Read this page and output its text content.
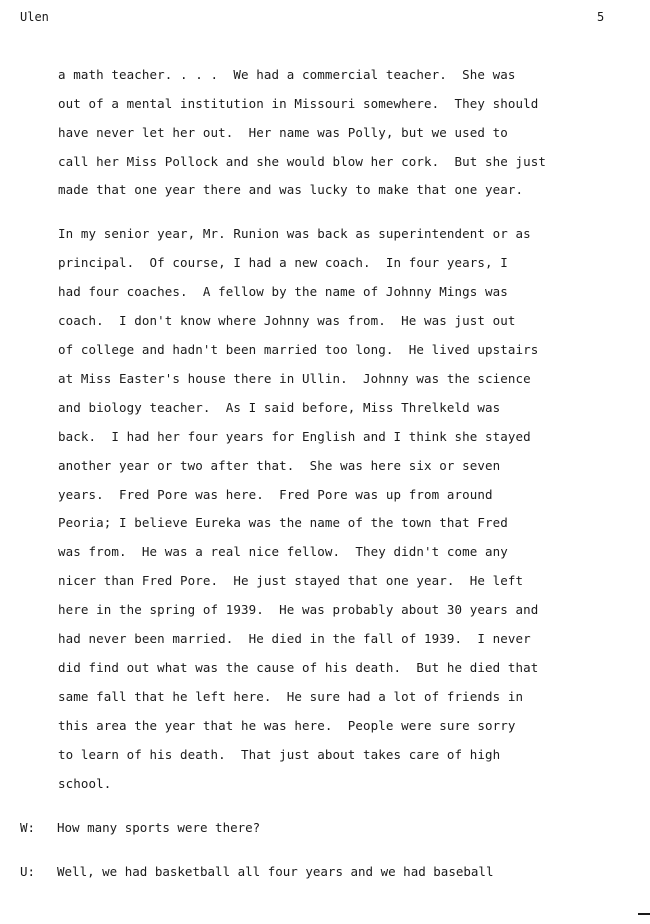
Ulen	5
a math teacher. . . .  We had a commercial teacher.  She was
out of a mental institution in Missouri somewhere.  They should
have never let her out.  Her name was Polly, but we used to
call her Miss Pollock and she would blow her cork.  But she just
made that one year there and was lucky to make that one year.
In my senior year, Mr. Runion was back as superintendent or as
principal.  Of course, I had a new coach.  In four years, I
had four coaches.  A fellow by the name of Johnny Mings was
coach.  I don't know where Johnny was from.  He was just out
of college and hadn't been married too long.  He lived upstairs
at Miss Easter's house there in Ullin.  Johnny was the science
and biology teacher.  As I said before, Miss Threlkeld was
back.  I had her four years for English and I think she stayed
another year or two after that.  She was here six or seven
years.  Fred Pore was here.  Fred Pore was up from around
Peoria; I believe Eureka was the name of the town that Fred
was from.  He was a real nice fellow.  They didn't come any
nicer than Fred Pore.  He just stayed that one year.  He left
here in the spring of 1939.  He was probably about 30 years and
had never been married.  He died in the fall of 1939.  I never
did find out what was the cause of his death.  But he died that
same fall that he left here.  He sure had a lot of friends in
this area the year that he was here.  People were sure sorry
to learn of his death.  That just about takes care of high
school.
W: How many sports were there?
U: Well, we had basketball all four years and we had baseball
